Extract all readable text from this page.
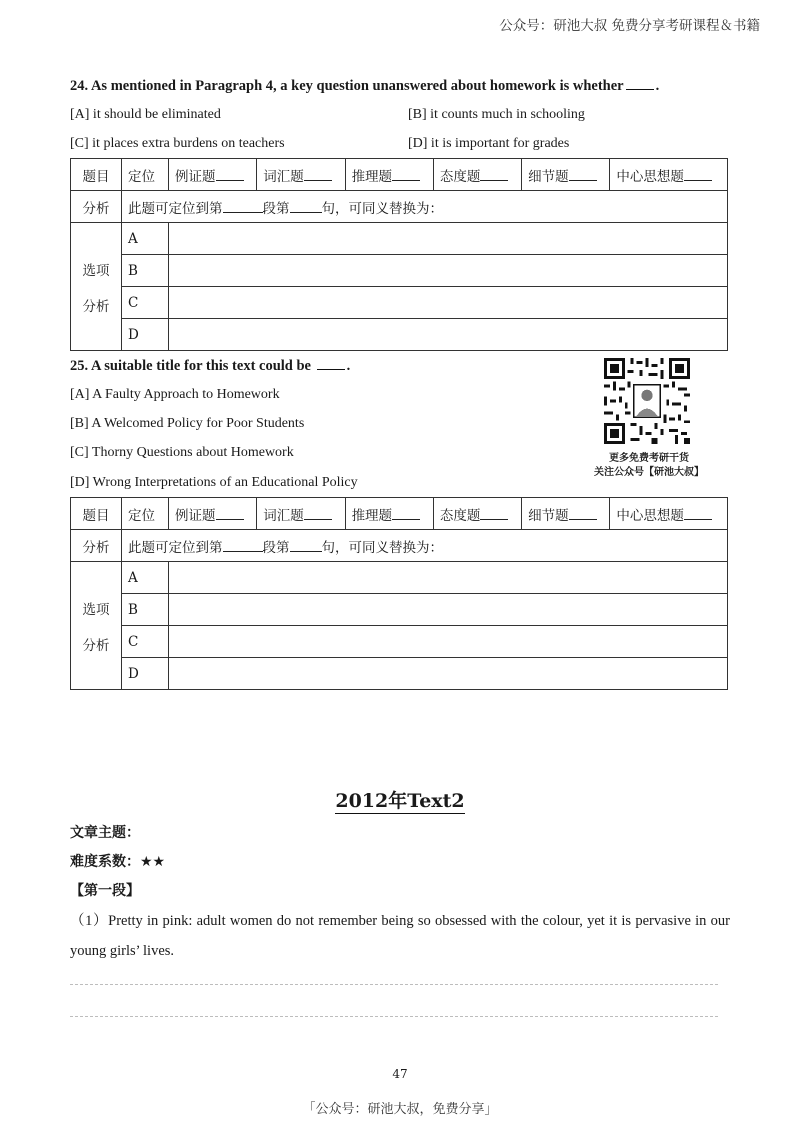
公众号：研池大叔 免费分享考研课程＆书籍
24. As mentioned in Paragraph 4, a key question unanswered about homework is whether .
[A] it should be eliminated	[B] it counts much in schooling
[C] it places extra burdens on teachers	[D] it is important for grades
题目	定位	例证题	词汇题	推理题	态度题	细节题	中心思想题
分析	此题可定位到第 段第 句，可同义替换为：						
选项

分析	A						
	B						
	C						
	D						
25. A suitable title for this text could be .
[A] A Faulty Approach to Homework
[B] A Welcomed Policy for Poor Students
[C] Thorny Questions about Homework
[D] Wrong Interpretations of an Educational Policy
更多免费考研干货
关注公众号【研池大叔】
题目	定位	例证题	词汇题	推理题	态度题	细节题	中心思想题
分析	此题可定位到第 段第 句，可同义替换为：						
选项

分析	A						
	B						
	C						
	D						
2012年Text2
文章主题：
难度系数：★★
【第一段】
（1）Pretty in pink: adult women do not remember being so obsessed with the colour, yet it is pervasive in our young girls’ lives.
47
「公众号：研池大叔，免费分享」
